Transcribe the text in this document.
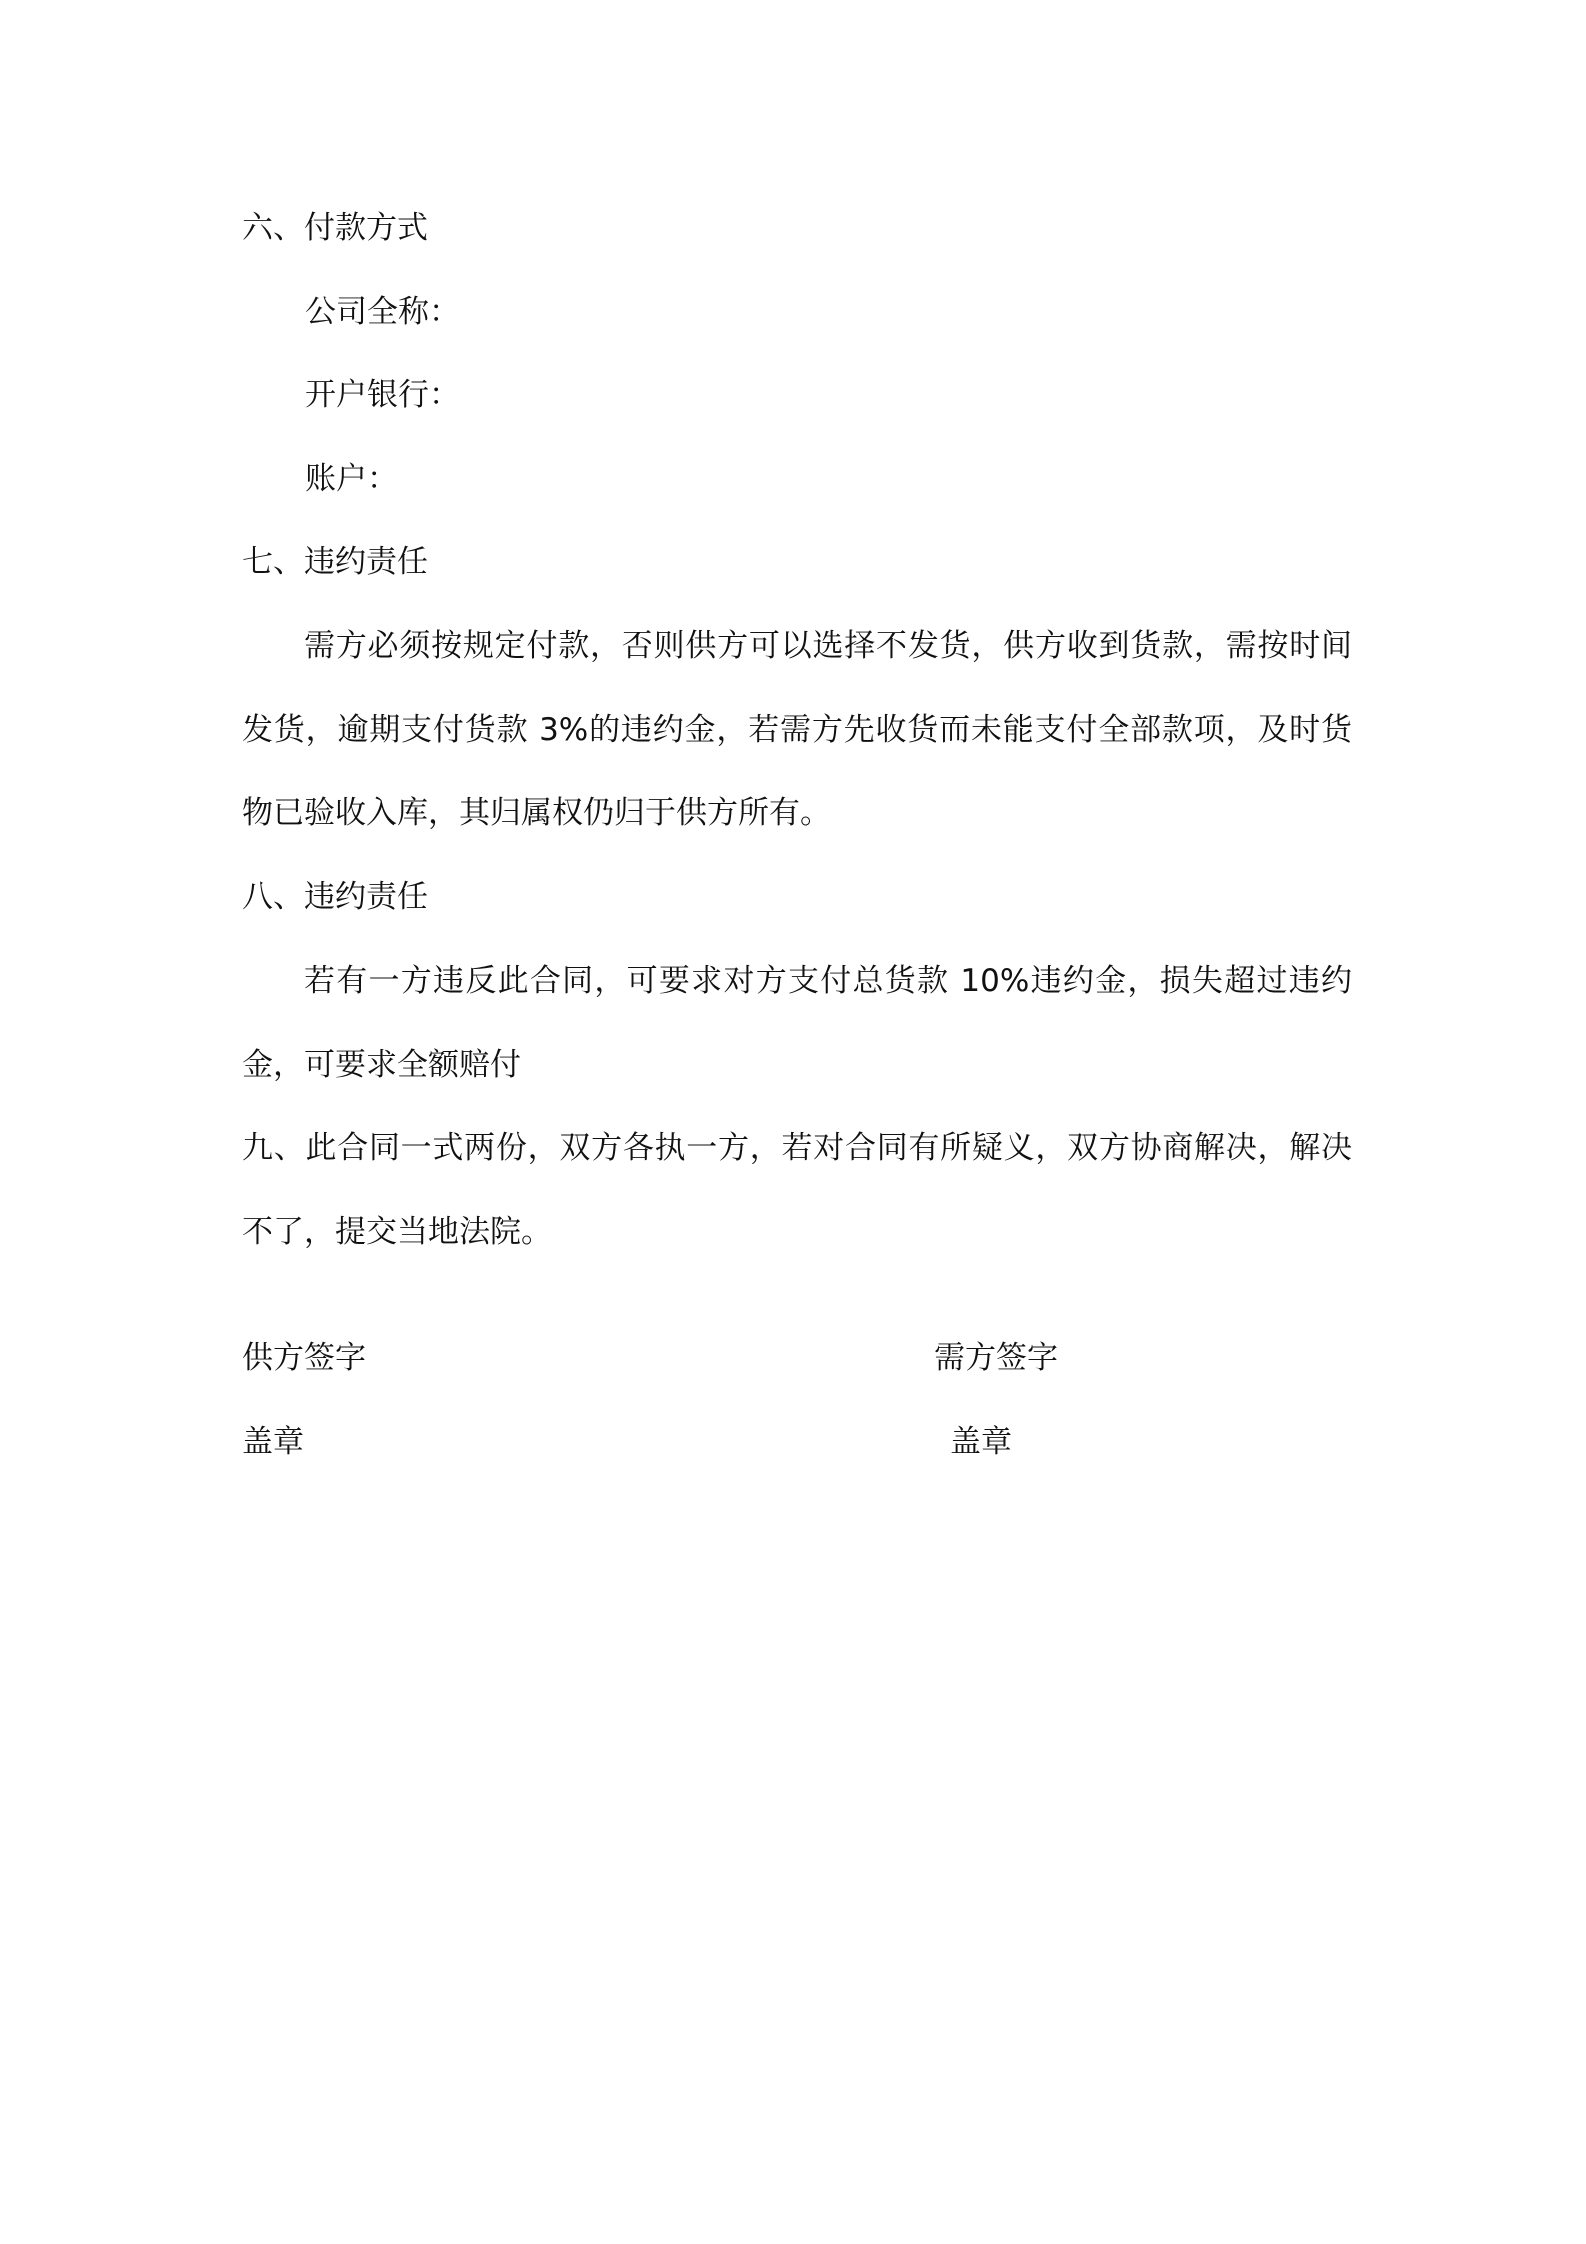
六、付款方式
公司全称：
开户银行：
账户：
七、违约责任

需方必须按规定付款，否则供方可以选择不发货，供方收到货款，需按时间发货，逾期支付货款 3%的违约金，若需方先收货而未能支付全部款项，及时货物已验收入库，其归属权仍归于供方所有。

八、违约责任

若有一方违反此合同，可要求对方支付总货款 10%违约金，损失超过违约金，可要求全额赔付

九、此合同一式两份，双方各执一方，若对合同有所疑义，双方协商解决，解决不了，提交当地法院。

供方签字	需方签字
盖章	盖章
